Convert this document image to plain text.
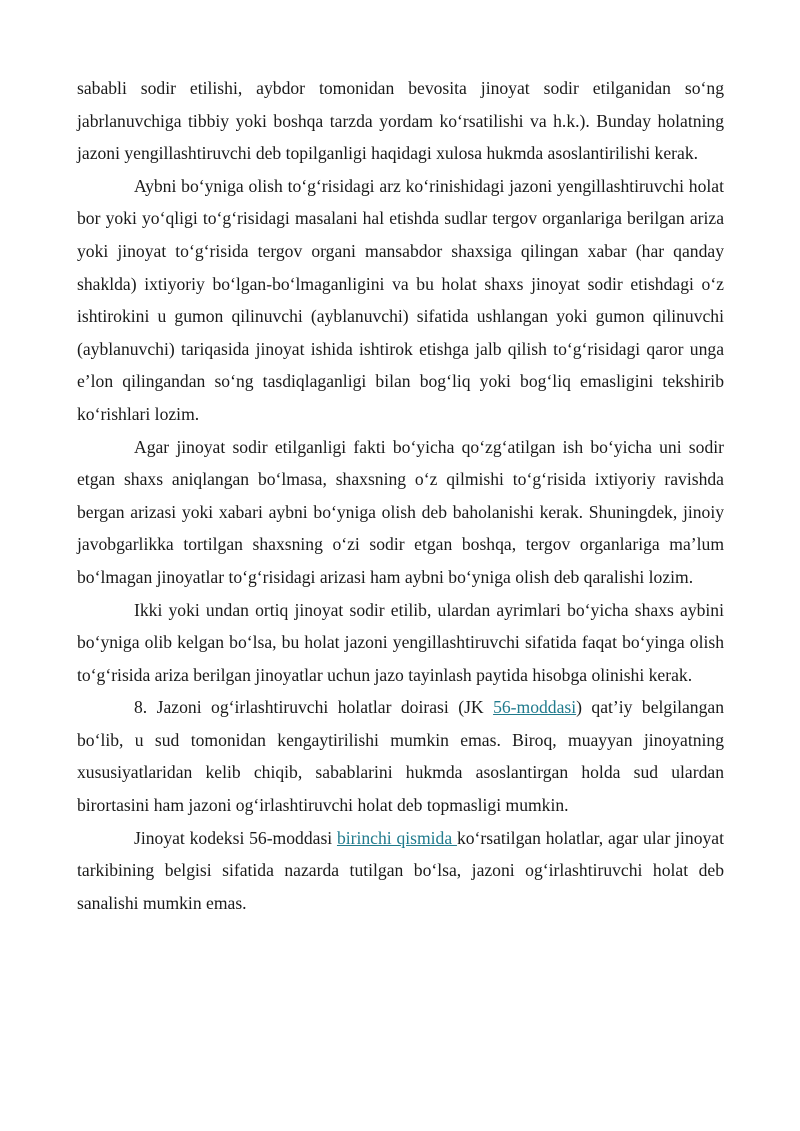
sababli sodir etilishi, aybdor tomonidan bevosita jinoyat sodir etilganidan so‘ng jabrlanuvchiga tibbiy yoki boshqa tarzda yordam ko‘rsatilishi va h.k.). Bunday holatning jazoni yengillashtiruvchi deb topilganligi haqidagi xulosa hukmda asoslantirilishi kerak.

Aybni bo‘yniga olish to‘g‘risidagi arz ko‘rinishidagi jazoni yengillashtiruvchi holat bor yoki yo‘qligi to‘g‘risidagi masalani hal etishda sudlar tergov organlariga berilgan ariza yoki jinoyat to‘g‘risida tergov organi mansabdor shaxsiga qilingan xabar (har qanday shaklda) ixtiyoriy bo‘lgan-bo‘lmaganligini va bu holat shaxs jinoyat sodir etishdagi o‘z ishtirokini u gumon qilinuvchi (ayblanuvchi) sifatida ushlangan yoki gumon qilinuvchi (ayblanuvchi) tariqasida jinoyat ishida ishtirok etishga jalb qilish to‘g‘risidagi qaror unga e’lon qilingandan so‘ng tasdiqlaganligi bilan bog‘liq yoki bog‘liq emasligini tekshirib ko‘rishlari lozim.

Agar jinoyat sodir etilganligi fakti bo‘yicha qo‘zg‘atilgan ish bo‘yicha uni sodir etgan shaxs aniqlangan bo‘lmasa, shaxsning o‘z qilmishi to‘g‘risida ixtiyoriy ravishda bergan arizasi yoki xabari aybni bo‘yniga olish deb baholanishi kerak. Shuningdek, jinoiy javobgarlikka tortilgan shaxsning o‘zi sodir etgan boshqa, tergov organlariga ma’lum bo‘lmagan jinoyatlar to‘g‘risidagi arizasi ham aybni bo‘yniga olish deb qaralishi lozim.

Ikki yoki undan ortiq jinoyat sodir etilib, ulardan ayrimlari bo‘yicha shaxs aybini bo‘yniga olib kelgan bo‘lsa, bu holat jazoni yengillashtiruvchi sifatida faqat bo‘yinga olish to‘g‘risida ariza berilgan jinoyatlar uchun jazo tayinlash paytida hisobga olinishi kerak.

8. Jazoni og‘irlashtiruvchi holatlar doirasi (JK 56-moddasi) qat’iy belgilangan bo‘lib, u sud tomonidan kengaytirilishi mumkin emas. Biroq, muayyan jinoyatning xususiyatlaridan kelib chiqib, sabablarini hukmda asoslantirgan holda sud ulardan birortasini ham jazoni og‘irlashtiruvchi holat deb topmasligi mumkin.

Jinoyat kodeksi 56-moddasi birinchi qismida ko‘rsatilgan holatlar, agar ular jinoyat tarkibining belgisi sifatida nazarda tutilgan bo‘lsa, jazoni og‘irlashtiruvchi holat deb sanalishi mumkin emas.
